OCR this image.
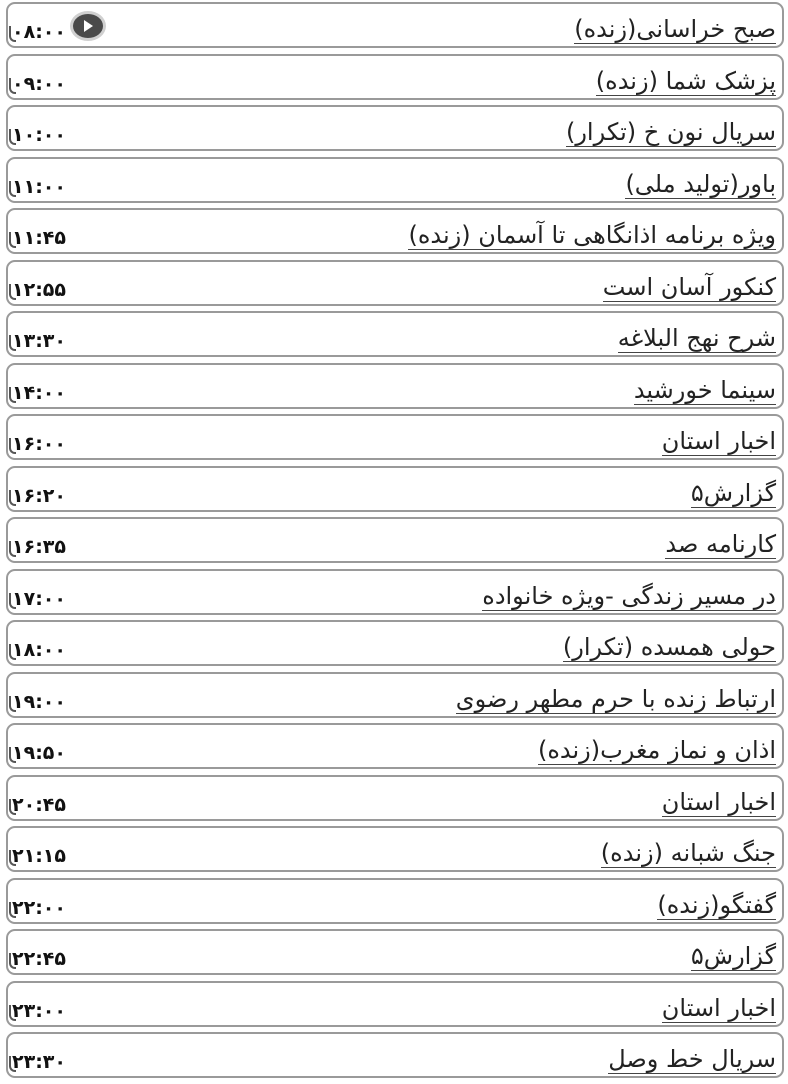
صبح خراسانی(زنده)
۰۸:۰۰
پزشک شما (زنده)
۰۹:۰۰
سریال نون خ (تکرار)
۱۰:۰۰
باور(تولید ملی)
۱۱:۰۰
ویژه برنامه اذانگاهی تا آسمان (زنده)
۱۱:۴۵
کنکور آسان است
۱۲:۵۵
شرح نهج البلاغه
۱۳:۳۰
سینما خورشید
۱۴:۰۰
اخبار استان
۱۶:۰۰
گزارش۵
۱۶:۲۰
کارنامه صد
۱۶:۳۵
در مسیر زندگی -ویژه خانواده
۱۷:۰۰
حولی همسده (تکرار)
۱۸:۰۰
ارتباط زنده با حرم مطهر رضوی
۱۹:۰۰
اذان و نماز مغرب(زنده)
۱۹:۵۰
اخبار استان
۲۰:۴۵
جنگ شبانه (زنده)
۲۱:۱۵
گفتگو(زنده)
۲۲:۰۰
گزارش۵
۲۲:۴۵
اخبار استان
۲۳:۰۰
سریال خط وصل
۲۳:۳۰
